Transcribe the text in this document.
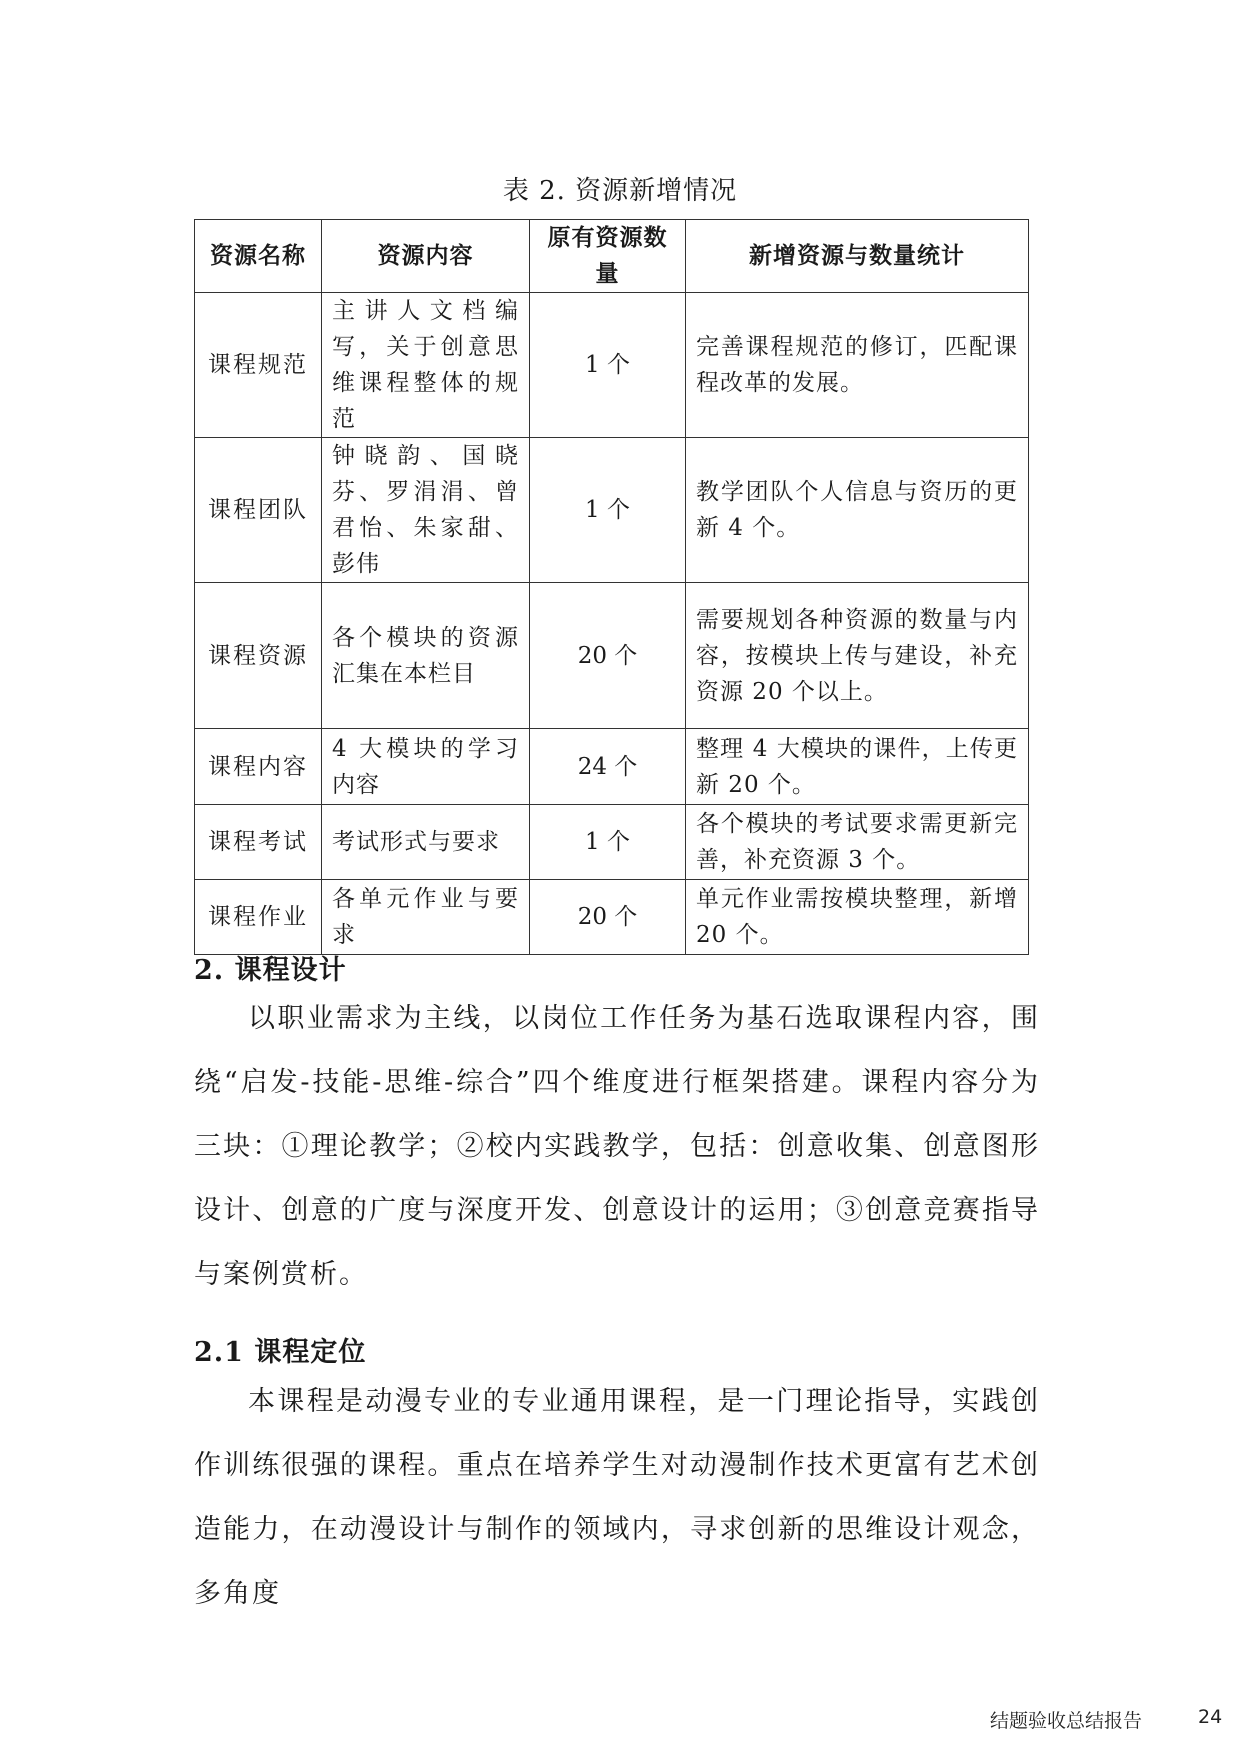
表 2. 资源新增情况
资源名称	资源内容	原有资源数量	新增资源与数量统计
课程规范	主讲人文档编写，关于创意思维课程整体的规范	1 个	完善课程规范的修订，匹配课程改革的发展。
课程团队	钟晓韵、国晓芬、罗涓涓、曾君怡、朱家甜、彭伟	1 个	教学团队个人信息与资历的更新 4 个。
课程资源	各个模块的资源汇集在本栏目	20 个	需要规划各种资源的数量与内容，按模块上传与建设，补充资源 20 个以上。
课程内容	4 大模块的学习内容	24 个	整理 4 大模块的课件，上传更新 20 个。
课程考试	考试形式与要求	1 个	各个模块的考试要求需更新完善，补充资源 3 个。
课程作业	各单元作业与要求	20 个	单元作业需按模块整理，新增 20 个。
2. 课程设计

以职业需求为主线，以岗位工作任务为基石选取课程内容，围绕“启发-技能-思维-综合”四个维度进行框架搭建。课程内容分为三块：①理论教学；②校内实践教学，包括：创意收集、创意图形设计、创意的广度与深度开发、创意设计的运用；③创意竞赛指导与案例赏析。

2.1 课程定位

本课程是动漫专业的专业通用课程，是一门理论指导，实践创作训练很强的课程。重点在培养学生对动漫制作技术更富有艺术创造能力，在动漫设计与制作的领域内，寻求创新的思维设计观念，多角度

结题验收总结报告	24
